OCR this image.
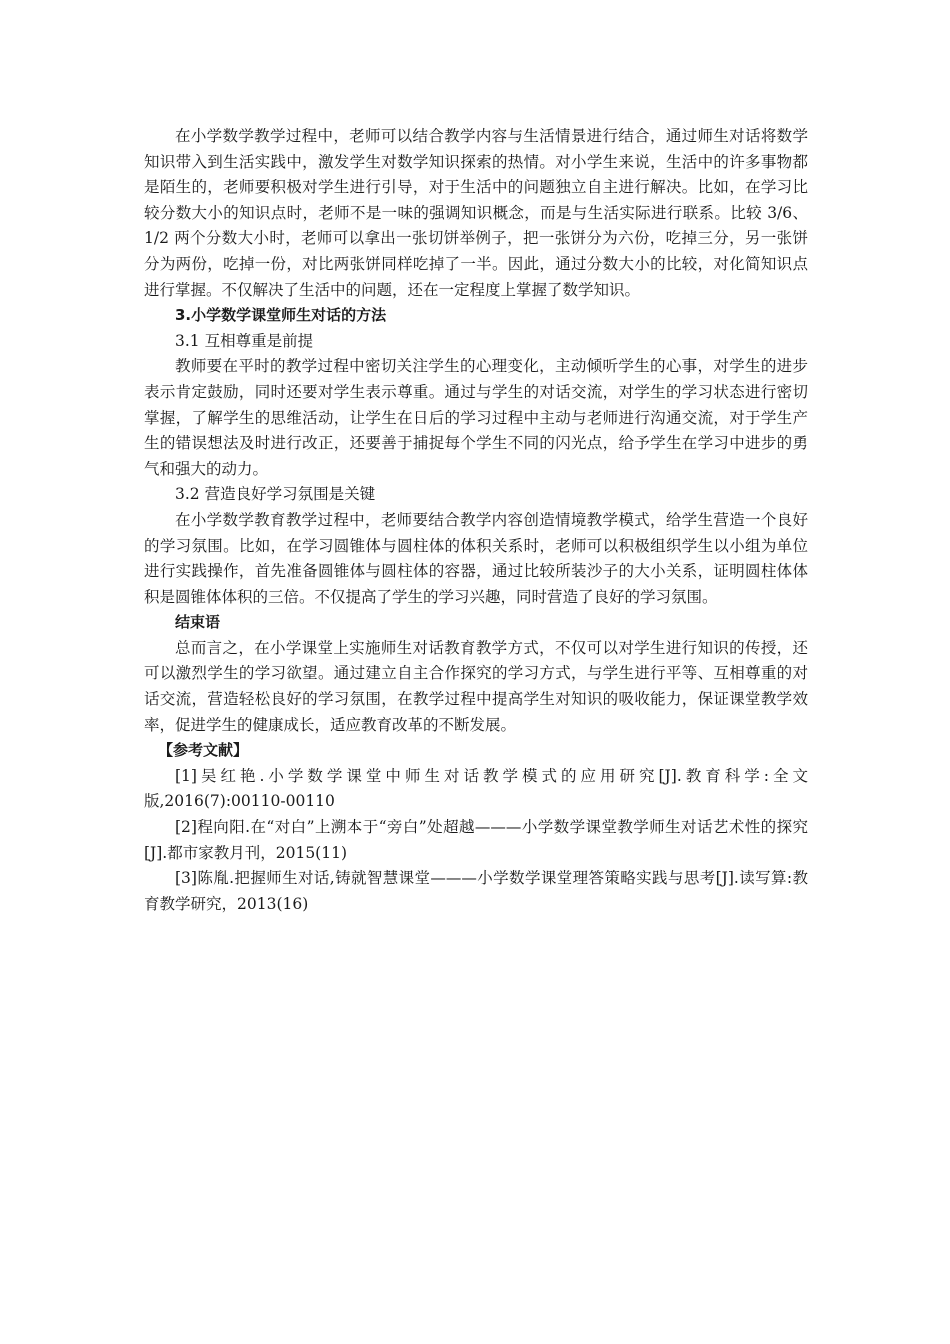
在小学数学教学过程中，老师可以结合教学内容与生活情景进行结合，通过师生对话将数学知识带入到生活实践中，激发学生对数学知识探索的热情。对小学生来说，生活中的许多事物都是陌生的，老师要积极对学生进行引导，对于生活中的问题独立自主进行解决。比如，在学习比较分数大小的知识点时，老师不是一味的强调知识概念，而是与生活实际进行联系。比较 3/6、1/2 两个分数大小时，老师可以拿出一张切饼举例子，把一张饼分为六份，吃掉三分，另一张饼分为两份，吃掉一份，对比两张饼同样吃掉了一半。因此，通过分数大小的比较，对化简知识点进行掌握。不仅解决了生活中的问题，还在一定程度上掌握了数学知识。

3.小学数学课堂师生对话的方法

3.1 互相尊重是前提

教师要在平时的教学过程中密切关注学生的心理变化，主动倾听学生的心事，对学生的进步表示肯定鼓励，同时还要对学生表示尊重。通过与学生的对话交流，对学生的学习状态进行密切掌握，了解学生的思维活动，让学生在日后的学习过程中主动与老师进行沟通交流，对于学生产生的错误想法及时进行改正，还要善于捕捉每个学生不同的闪光点，给予学生在学习中进步的勇气和强大的动力。

3.2 营造良好学习氛围是关键

在小学数学教育教学过程中，老师要结合教学内容创造情境教学模式，给学生营造一个良好的学习氛围。比如，在学习圆锥体与圆柱体的体积关系时，老师可以积极组织学生以小组为单位进行实践操作，首先准备圆锥体与圆柱体的容器，通过比较所装沙子的大小关系，证明圆柱体体积是圆锥体体积的三倍。不仅提高了学生的学习兴趣，同时营造了良好的学习氛围。

结束语

总而言之，在小学课堂上实施师生对话教育教学方式，不仅可以对学生进行知识的传授，还可以激烈学生的学习欲望。通过建立自主合作探究的学习方式，与学生进行平等、互相尊重的对话交流，营造轻松良好的学习氛围，在教学过程中提高学生对知识的吸收能力，保证课堂教学效率，促进学生的健康成长，适应教育改革的不断发展。

【参考文献】

[1]吴红艳.小学数学课堂中师生对话教学模式的应用研究[J].教育科学:全文版,2016(7):00110-00110

[2]程向阳.在“对白”上溯本于“旁白”处超越———小学数学课堂教学师生对话艺术性的探究[J].都市家教月刊，2015(11)

[3]陈胤.把握师生对话,铸就智慧课堂———小学数学课堂理答策略实践与思考[J].读写算:教育教学研究，2013(16)
